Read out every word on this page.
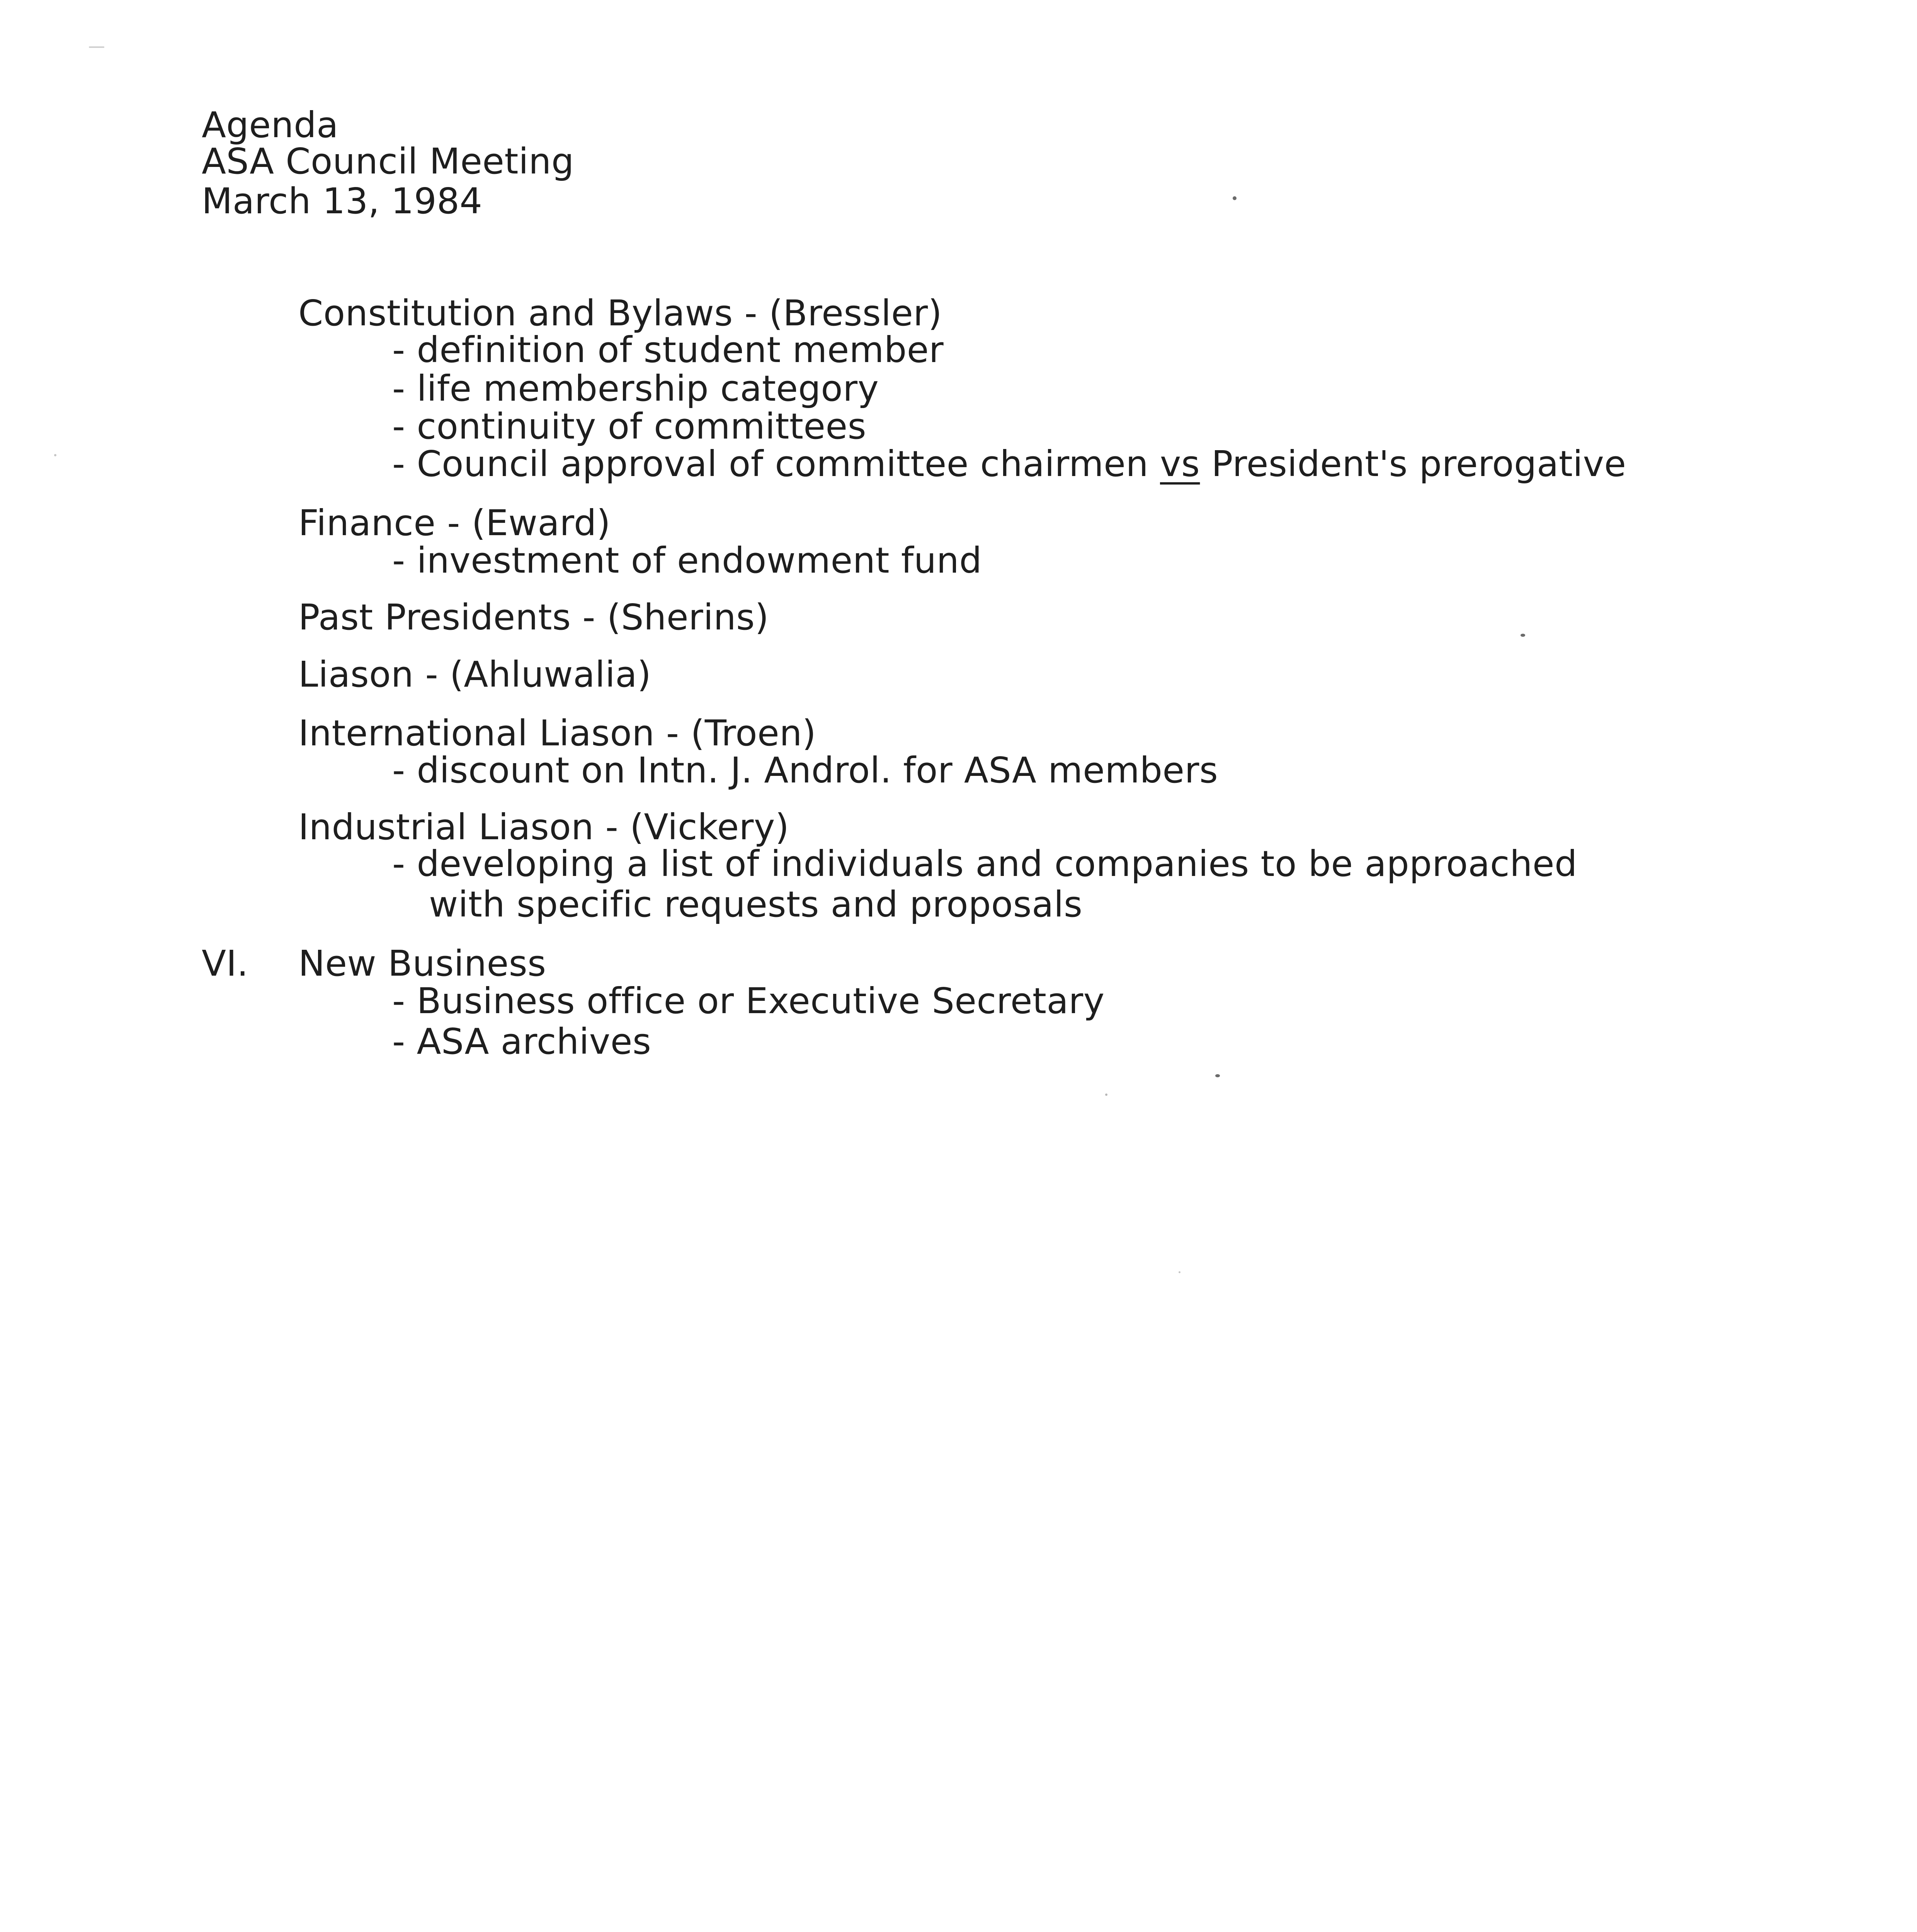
Agenda
ASA Council Meeting
March 13, 1984
Constitution and Bylaws - (Bressler)
- definition of student member
- life membership category
- continuity of committees
- Council approval of committee chairmen vs President's prerogative
Finance - (Eward)
- investment of endowment fund
Past Presidents - (Sherins)
Liason - (Ahluwalia)
International Liason - (Troen)
- discount on Intn. J. Androl. for ASA members
Industrial Liason - (Vickery)
- developing a list of individuals and companies to be approached
with specific requests and proposals
VI. New Business
- Business office or Executive Secretary
- ASA archives
